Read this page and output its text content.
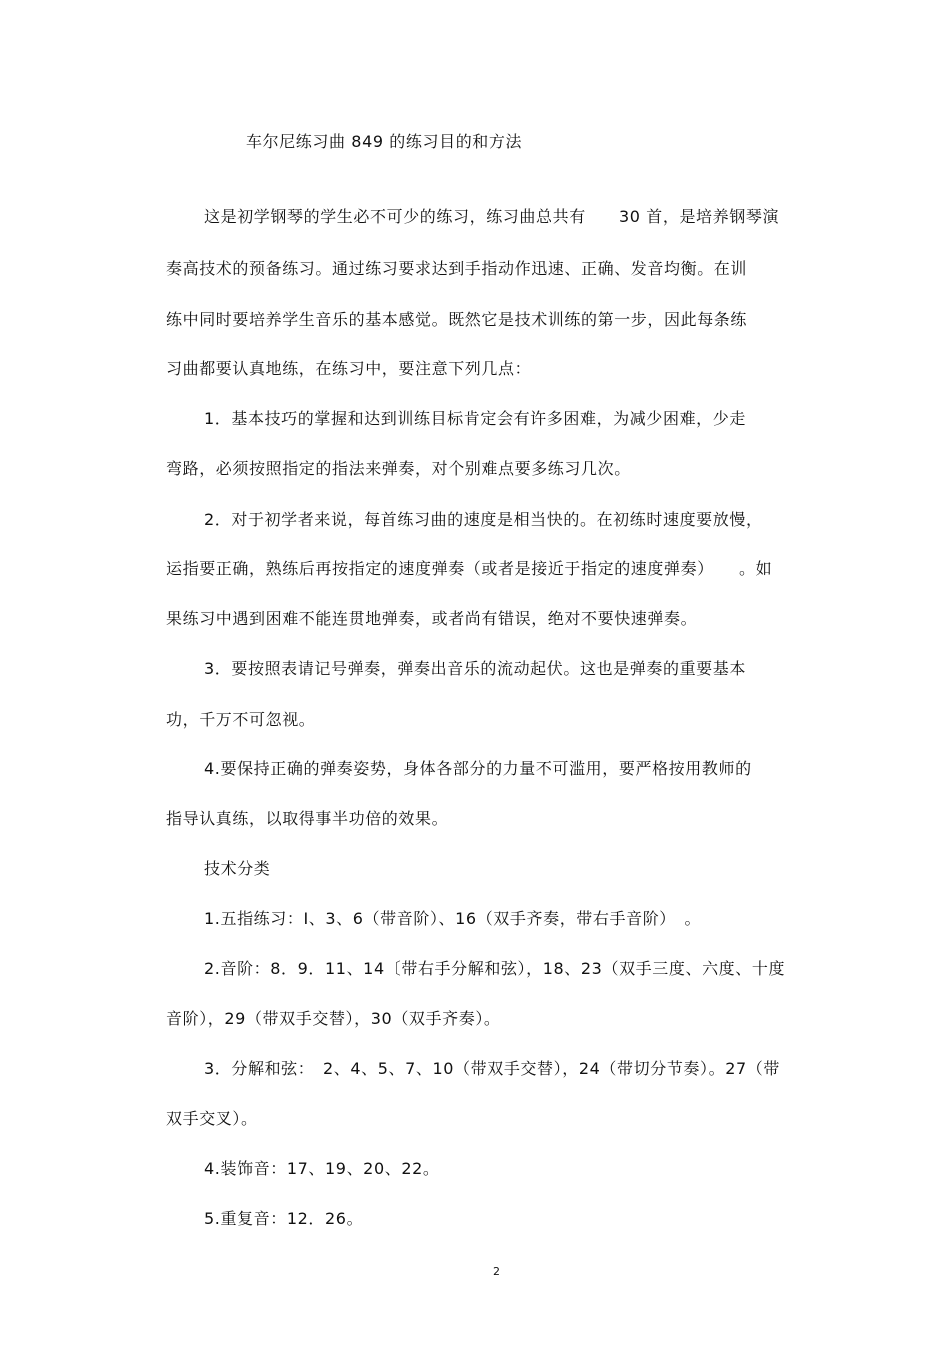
车尔尼练习曲 849 的练习目的和方法
这是初学钢琴的学生必不可少的练习，练习曲总共有　　30 首，是培养钢琴演
奏高技术的预备练习。通过练习要求达到手指动作迅速、正确、发音均衡。在训
练中同时要培养学生音乐的基本感觉。既然它是技术训练的第一步，因此每条练
习曲都要认真地练，在练习中，要注意下列几点：
1．基本技巧的掌握和达到训练目标肯定会有许多困难，为减少困难，少走
弯路，必须按照指定的指法来弹奏，对个别难点要多练习几次。
2．对于初学者来说，每首练习曲的速度是相当快的。在初练时速度要放慢，
运指要正确，熟练后再按指定的速度弹奏（或者是接近于指定的速度弹奏）　　。如
果练习中遇到困难不能连贯地弹奏，或者尚有错误，绝对不要快速弹奏。
3．要按照表请记号弹奏，弹奏出音乐的流动起伏。这也是弹奏的重要基本
功，千万不可忽视。
4.要保持正确的弹奏姿势，身体各部分的力量不可滥用，要严格按用教师的
指导认真练，以取得事半功倍的效果。
技术分类
1.五指练习：I、3、6（带音阶）、16（双手齐奏，带右手音阶）　。
2.音阶：8．9．11、14〔带右手分解和弦），18、23（双手三度、六度、十度
音阶），29（带双手交替），30（双手齐奏）。
3．分解和弦：　2、4、5、7、10（带双手交替），24（带切分节奏）。27（带
双手交叉）。
4.装饰音：17、19、20、22。
5.重复音：12．26。
2
